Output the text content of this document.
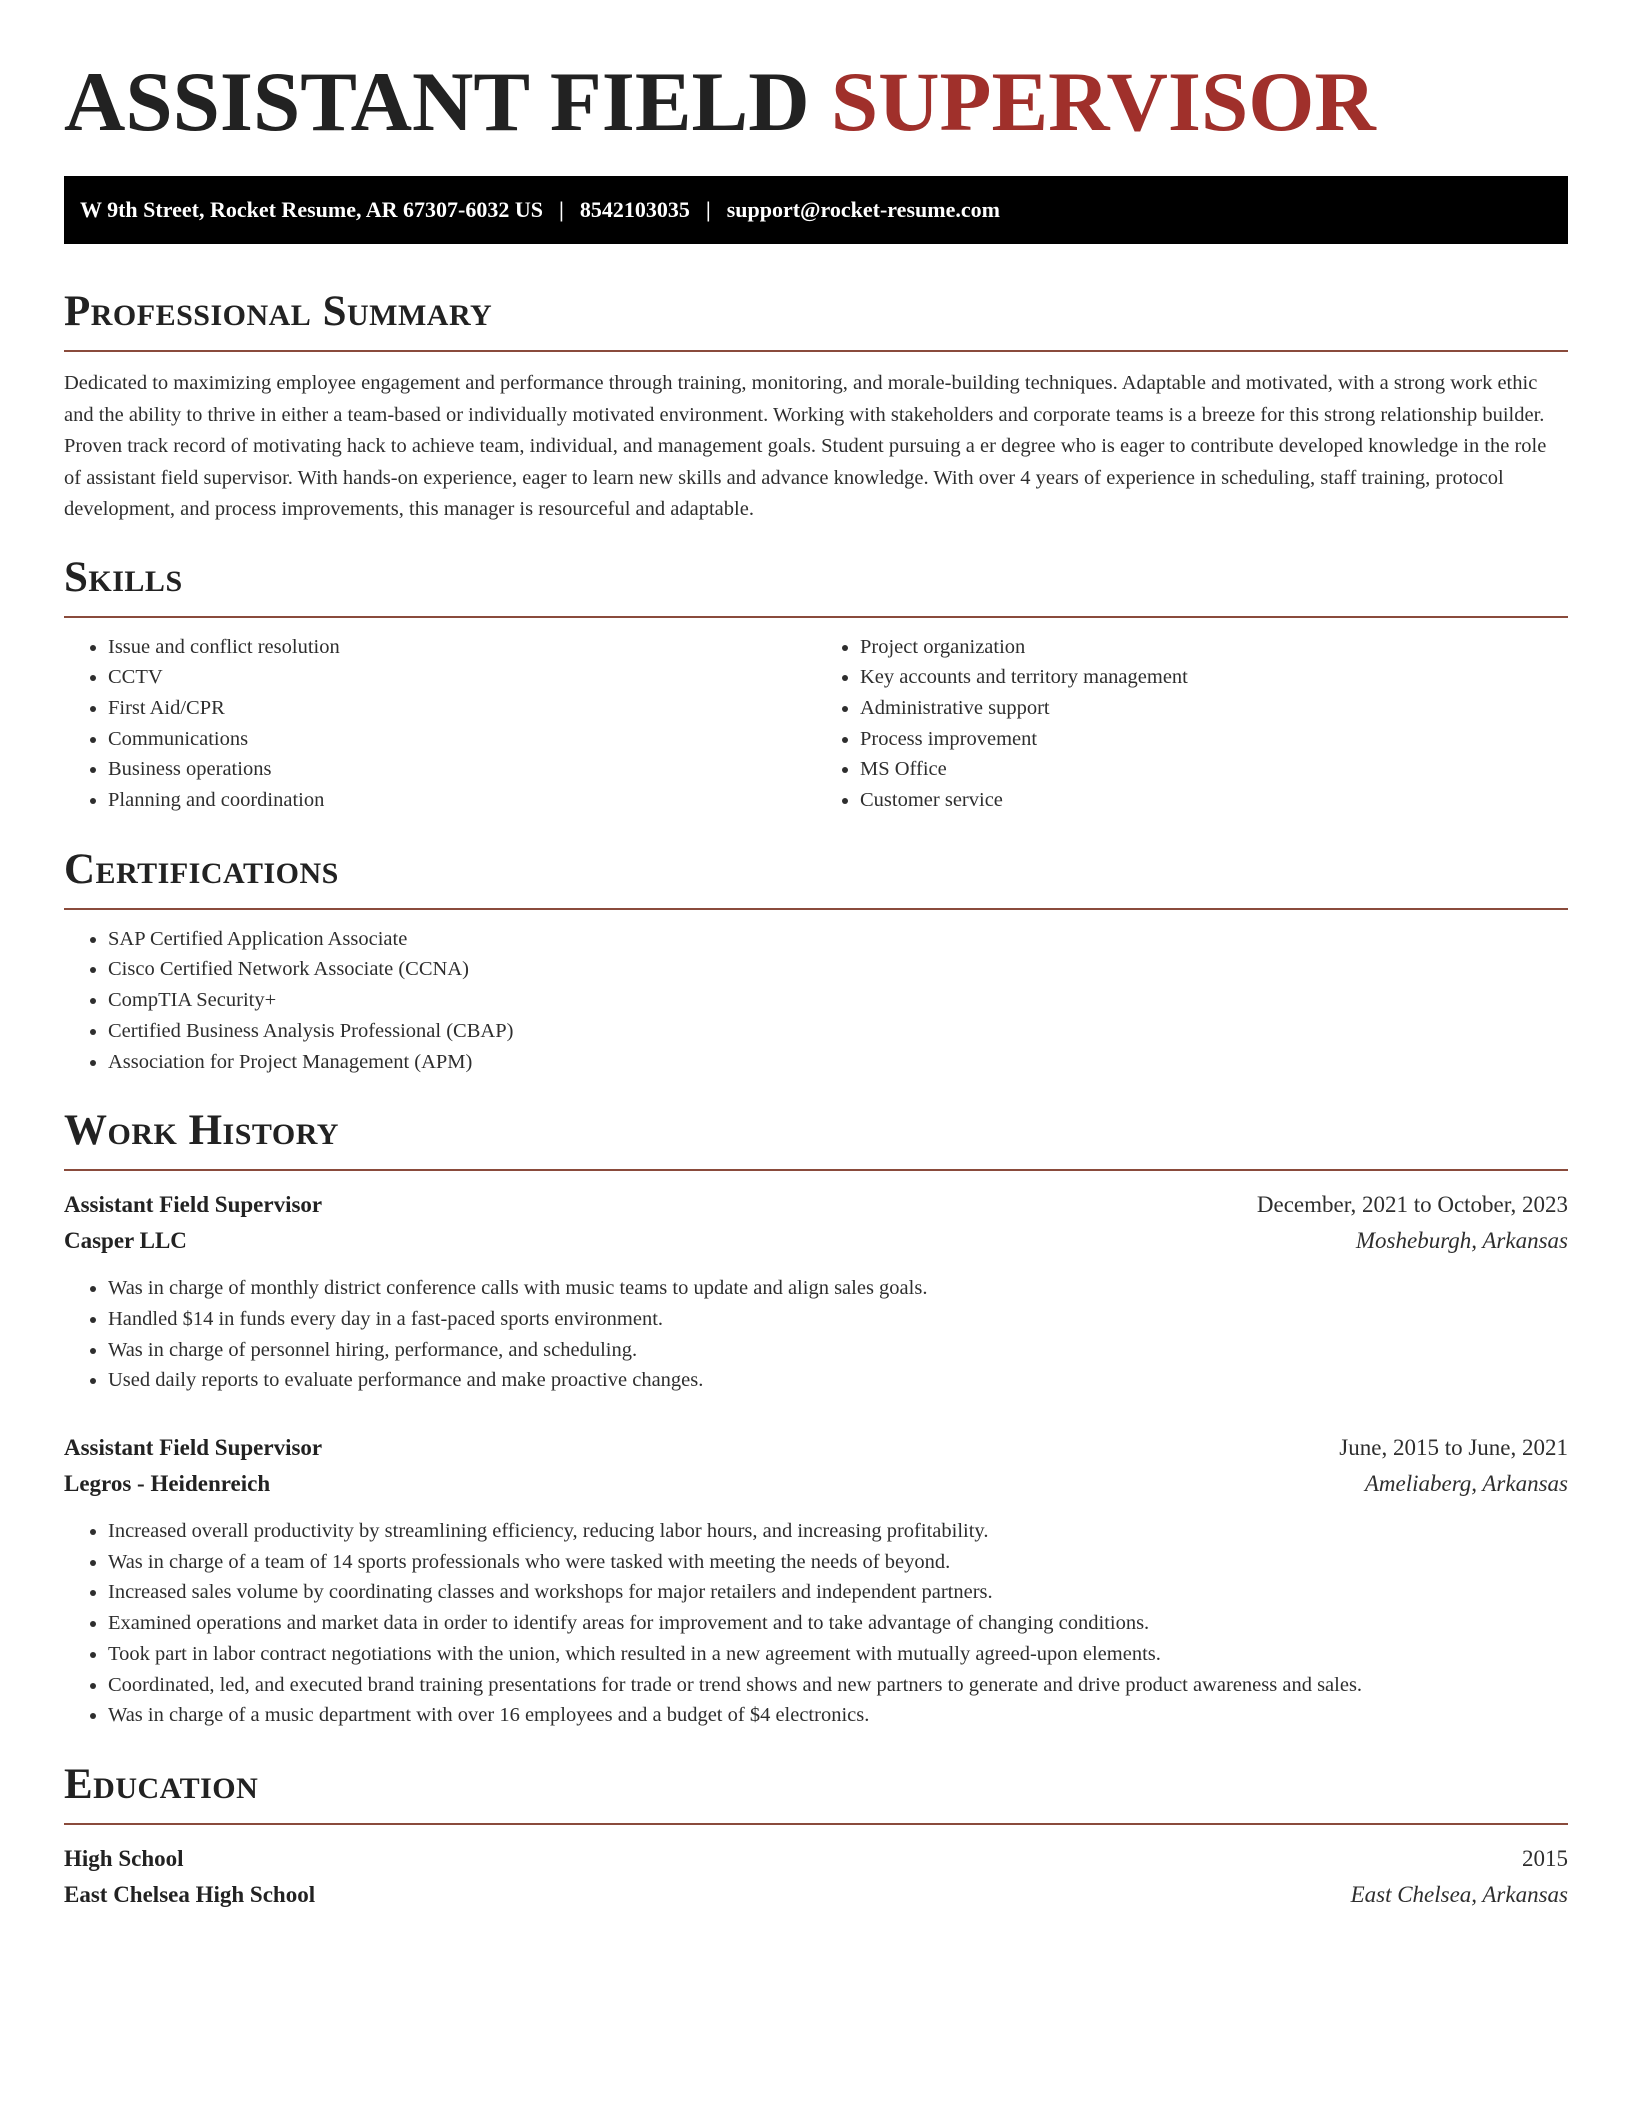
ASSISTANT FIELD SUPERVISOR
W 9th Street, Rocket Resume, AR 67307-6032 US | 8542103035 | support@rocket-resume.com
Professional Summary

Dedicated to maximizing employee engagement and performance through training, monitoring, and morale-building techniques. Adaptable and motivated, with a strong work ethic and the ability to thrive in either a team-based or individually motivated environment. Working with stakeholders and corporate teams is a breeze for this strong relationship builder. Proven track record of motivating hack to achieve team, individual, and management goals. Student pursuing a er degree who is eager to contribute developed knowledge in the role of assistant field supervisor. With hands-on experience, eager to learn new skills and advance knowledge. With over 4 years of experience in scheduling, staff training, protocol development, and process improvements, this manager is resourceful and adaptable.

Skills
• Issue and conflict resolution
• CCTV
• First Aid/CPR
• Communications
• Business operations
• Planning and coordination
• Project organization
• Key accounts and territory management
• Administrative support
• Process improvement
• MS Office
• Customer service
Certifications
• SAP Certified Application Associate
• Cisco Certified Network Associate (CCNA)
• CompTIA Security+
• Certified Business Analysis Professional (CBAP)
• Association for Project Management (APM)
Work History
Assistant Field Supervisor	December, 2021 to October, 2023
Casper LLC	Mosheburgh, Arkansas
• Was in charge of monthly district conference calls with music teams to update and align sales goals.
• Handled $14 in funds every day in a fast-paced sports environment.
• Was in charge of personnel hiring, performance, and scheduling.
• Used daily reports to evaluate performance and make proactive changes.
Assistant Field Supervisor	June, 2015 to June, 2021
Legros - Heidenreich	Ameliaberg, Arkansas
• Increased overall productivity by streamlining efficiency, reducing labor hours, and increasing profitability.
• Was in charge of a team of 14 sports professionals who were tasked with meeting the needs of beyond.
• Increased sales volume by coordinating classes and workshops for major retailers and independent partners.
• Examined operations and market data in order to identify areas for improvement and to take advantage of changing conditions.
• Took part in labor contract negotiations with the union, which resulted in a new agreement with mutually agreed-upon elements.
• Coordinated, led, and executed brand training presentations for trade or trend shows and new partners to generate and drive product awareness and sales.
• Was in charge of a music department with over 16 employees and a budget of $4 electronics.
Education
High School	2015
East Chelsea High School	East Chelsea, Arkansas
